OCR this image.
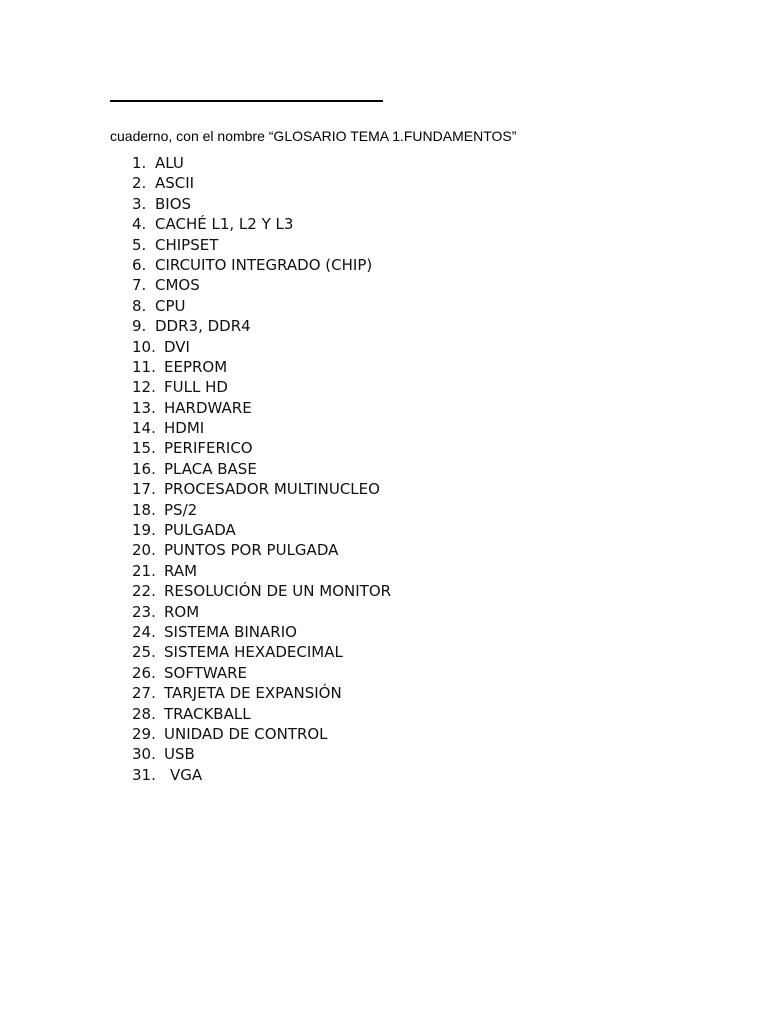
cuaderno, con el nombre “GLOSARIO TEMA 1.FUNDAMENTOS”
1. ALU
2. ASCII
3. BIOS
4. CACHÉ L1, L2 Y L3
5. CHIPSET
6. CIRCUITO INTEGRADO (CHIP)
7. CMOS
8. CPU
9. DDR3, DDR4
10. DVI
11. EEPROM
12. FULL HD
13. HARDWARE
14. HDMI
15. PERIFERICO
16. PLACA BASE
17. PROCESADOR MULTINUCLEO
18. PS/2
19. PULGADA
20. PUNTOS POR PULGADA
21. RAM
22. RESOLUCIÓN DE UN MONITOR
23. ROM
24. SISTEMA BINARIO
25. SISTEMA HEXADECIMAL
26. SOFTWARE
27. TARJETA DE EXPANSIÓN
28. TRACKBALL
29. UNIDAD DE CONTROL
30. USB
31. VGA
